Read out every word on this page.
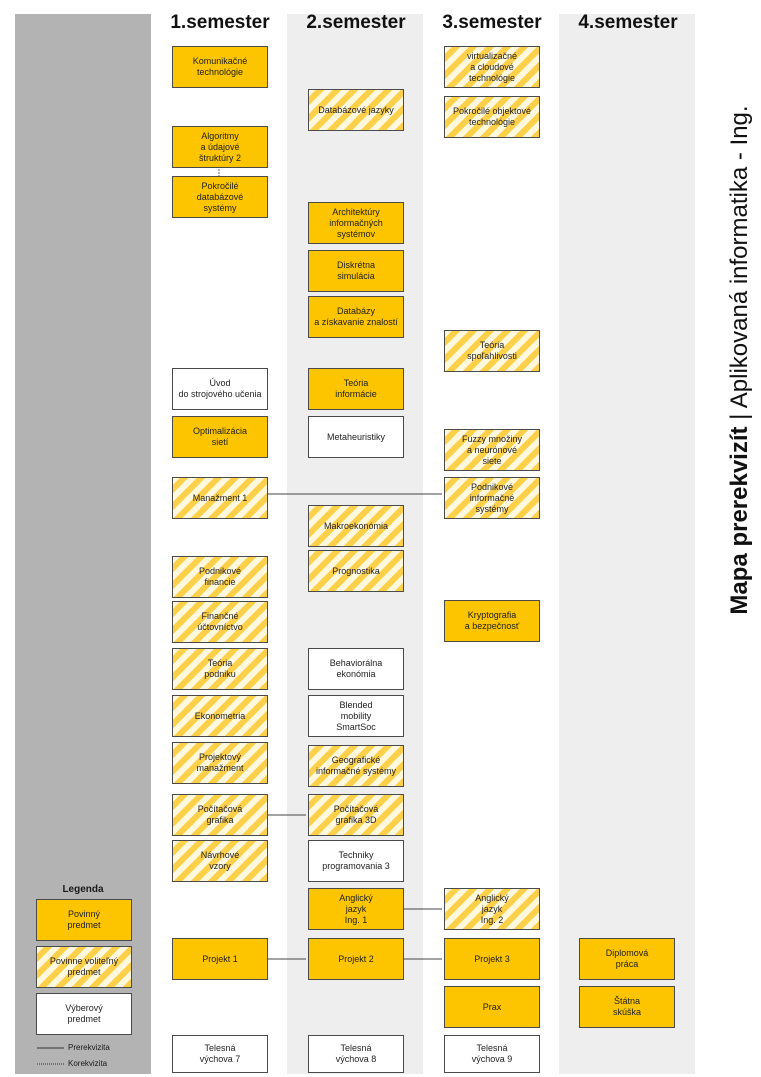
1.semester	2.semester	3.semester	4.semester
Legenda
Povinný
predmet
Povinne voliteľný
predmet
Výberový
predmet
Prerekvizita
Korekvizita
Komunikačné
technológie
Algoritmy
a údajové
štruktúry 2
Pokročilé
databázové
systémy
Úvod
do strojového učenia
Optimalizácia
sietí
Manažment 1
Podnikové
financie
Finančné
účtovníctvo
Teória
podniku
Ekonometria
Projektový
manažment
Počítačová
grafika
Návrhové
vzory
Projekt 1
Telesná
výchova 7
Databázové jazyky
Architektúry
informačných
systémov
Diskrétna
simulácia
Databázy
a získavanie znalostí
Teória
informácie
Metaheuristiky
Makroekonómia
Prognostika
Behaviorálna
ekonómia
Blended
mobility
SmartSoc
Geografické
informačné systémy
Počítačová
grafika 3D
Techniky
programovania 3
Anglický
jazyk
Ing. 1
Projekt 2
Telesná
výchova 8
virtualizačné
a cloudové
technológie
Pokročilé objektové
technológie
Teória
spoľahlivosti
Fuzzy množiny
a neurónové
siete
Podnikové
informačné
systémy
Kryptografia
a bezpečnosť
Anglický
jazyk
Ing. 2
Projekt 3
Prax
Telesná
výchova 9
Diplomová
práca
Štátna
skúška
Mapa prerekvizít | Aplikovaná informatika - Ing.
